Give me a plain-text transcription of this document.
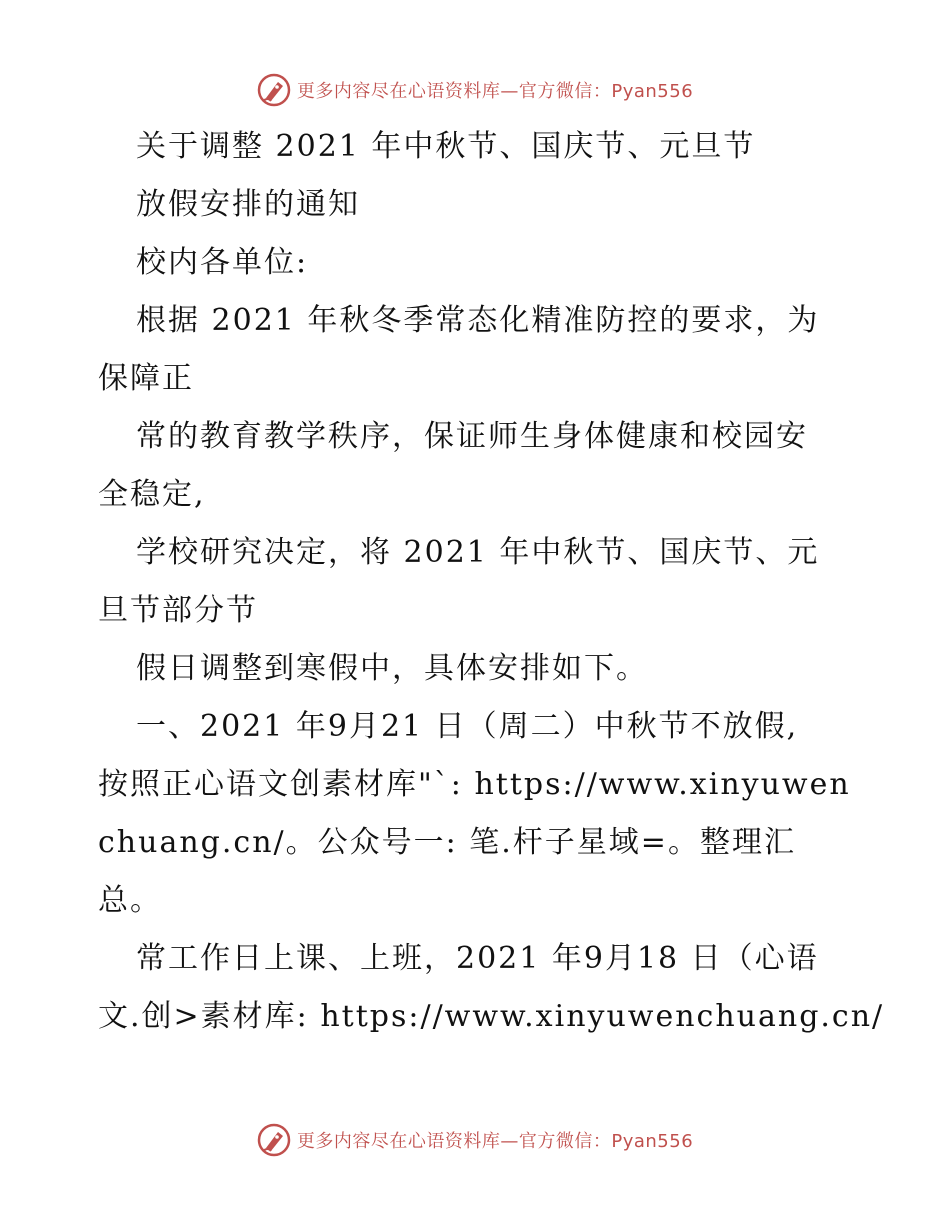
更多内容尽在心语资料库—官方微信：Pyan556
关于调整 2021 年中秋节、国庆节、元旦节
放假安排的通知
校内各单位:
根据 2021 年秋冬季常态化精准防控的要求，为
保障正
常的教育教学秩序，保证师生身体健康和校园安
全稳定,
学校研究决定，将 2021 年中秋节、国庆节、元
旦节部分节
假日调整到寒假中，具体安排如下。
一、2021 年9月21 日（周二）中秋节不放假,
按照正心语文创素材库"`: https://www.xinyuwen
chuang.cn/。公众号一: 笔.杆子星域=。整理汇
总。
常工作日上课、上班，2021 年9月18 日（心语
文.创>素材库: https://www.xinyuwenchuang.cn/
更多内容尽在心语资料库—官方微信：Pyan556
